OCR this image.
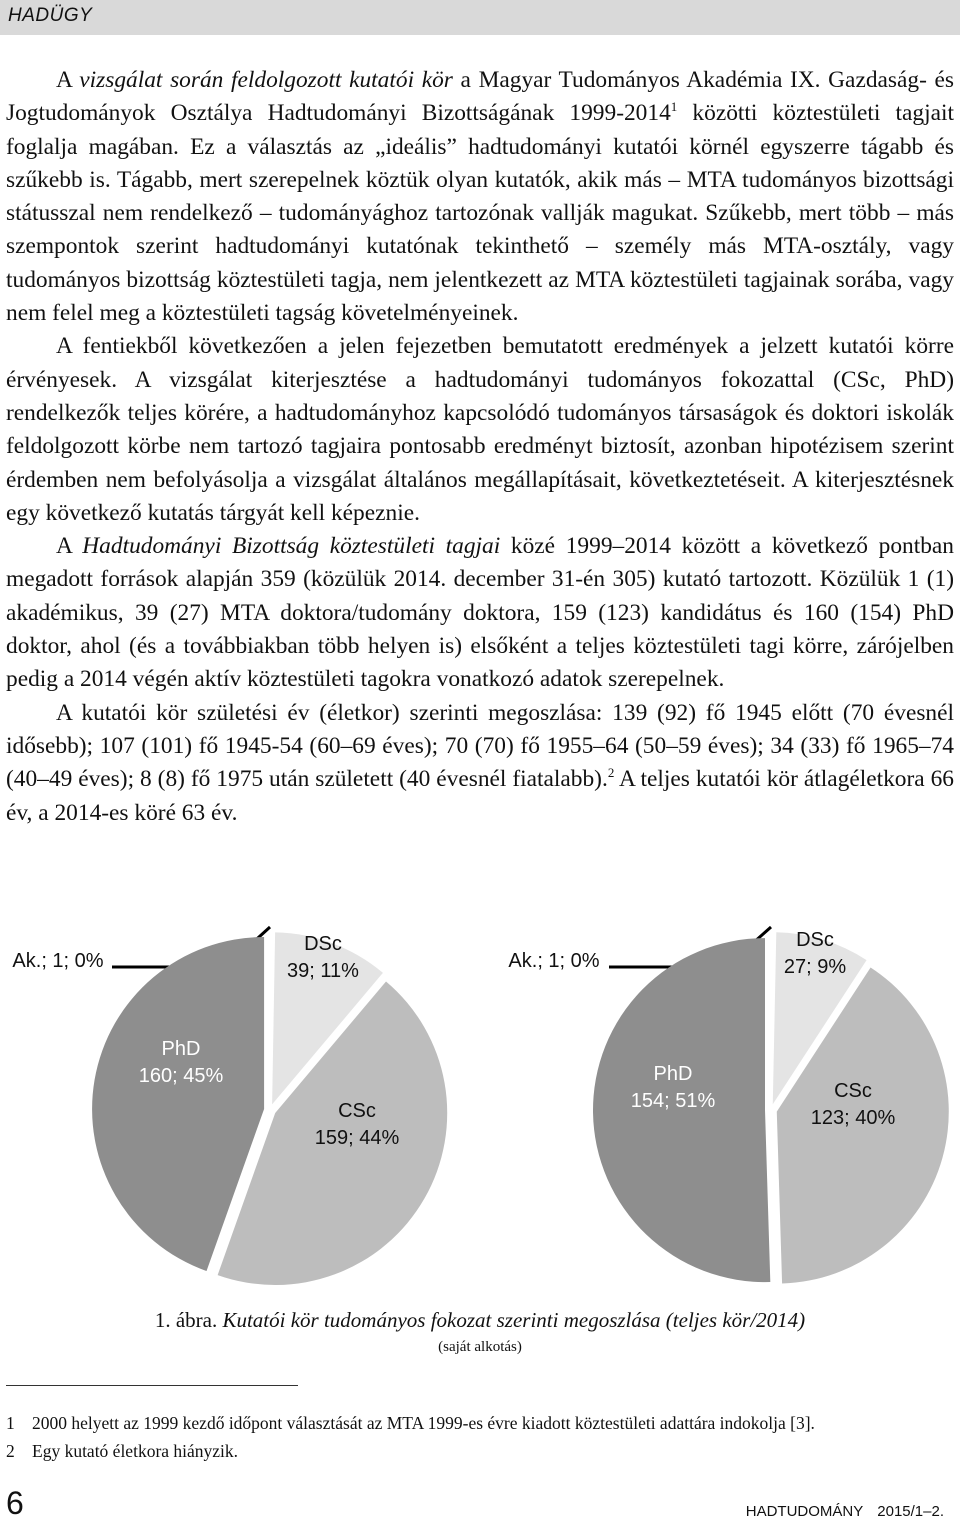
HADÜGY

A vizsgálat során feldolgozott kutatói kör a Magyar Tudományos Akadémia IX. Gazdaság- és Jogtudományok Osztálya Hadtudományi Bizottságának 1999-2014$^1$ közötti köztestületi tagjait foglalja magában. Ez a választás az „ideális” hadtudományi kutatói körnél egyszerre tágabb és szűkebb is. Tágabb, mert szerepelnek köztük olyan kutatók, akik más – MTA tudományos bizottsági státusszal nem rendelkező – tudományághoz tartozónak vallják magukat. Szűkebb, mert több – más szempontok szerint hadtudományi kutatónak tekinthető – személy más MTA-osztály, vagy tudományos bizottság köztestületi tagja, nem jelentkezett az MTA köztestületi tagjainak sorába, vagy nem felel meg a köztestületi tagság követelményeinek.

A fentiekből következően a jelen fejezetben bemutatott eredmények a jelzett kutatói körre érvényesek. A vizsgálat kiterjesztése a hadtudományi tudományos fokozattal (CSc, PhD) rendelkezők teljes körére, a hadtudományhoz kapcsolódó tudományos társaságok és doktori iskolák feldolgozott körbe nem tartozó tagjaira pontosabb eredményt biztosít, azonban hipotézisem szerint érdemben nem befolyásolja a vizsgálat általános megállapításait, következtetéseit. A kiterjesztésnek egy következő kutatás tárgyát kell képeznie.

A Hadtudományi Bizottság köztestületi tagjai közé 1999–2014 között a következő pontban megadott források alapján 359 (közülük 2014. december 31-én 305) kutató tartozott. Közülük 1 (1) akadémikus, 39 (27) MTA doktora/tudomány doktora, 159 (123) kandidátus és 160 (154) PhD doktor, ahol (és a továbbiakban több helyen is) elsőként a teljes köztestületi tagi körre, zárójelben pedig a 2014 végén aktív köztestületi tagokra vonatkozó adatok szerepelnek.

A kutatói kör születési év (életkor) szerinti megoszlása: 139 (92) fő 1945 előtt (70 évesnél idősebb); 107 (101) fő 1945-54 (60–69 éves); 70 (70) fő 1955–64 (50–59 éves); 34 (33) fő 1965–74 (40–49 éves); 8 (8) fő 1975 után született (40 évesnél fiatalabb).$^2$ A teljes kutatói kör átlagéletkora 66 év, a 2014-es köré 63 év.

Ak.; 1; 0%
DSc 39; 11%
CSc 159; 44%
PhD 160; 45%
Ak.; 1; 0%
DSc 27; 9%
CSc 123; 40%
PhD 154; 51%
1. ábra. Kutatói kör tudományos fokozat szerinti megoszlása (teljes kör/2014)
(saját alkotás)
1 2000 helyett az 1999 kezdő időpont választását az MTA 1999-es évre kiadott köztestületi adattára indokolja [3].
2 Egy kutató életkora hiányzik.
6	HADTUDOMÁNY 2015/1–2.
